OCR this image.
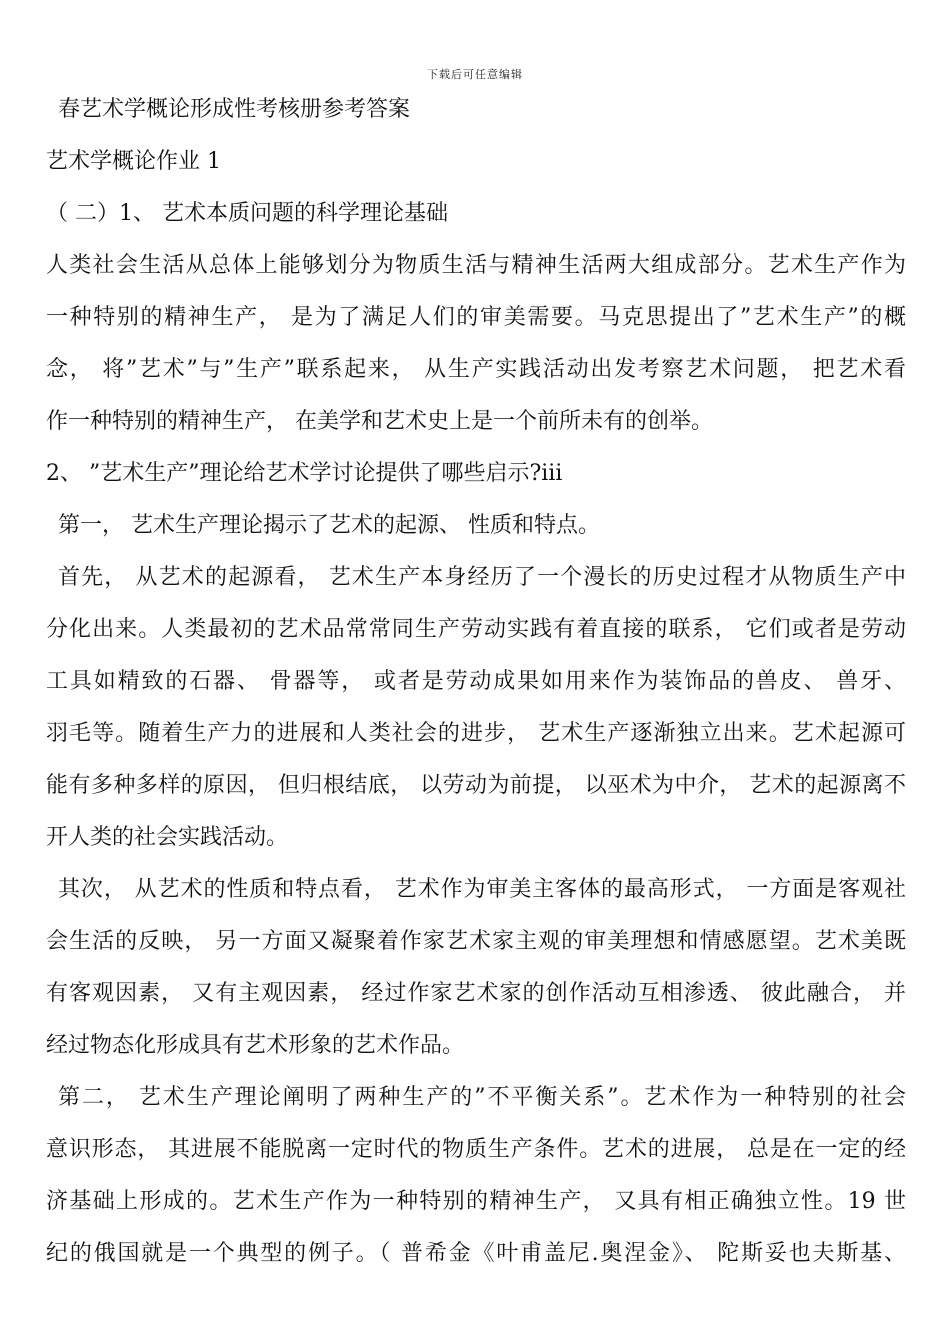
下载后可任意编辑
春艺术学概论形成性考核册参考答案
艺术学概论作业 1
（ 二）1、 艺术本质问题的科学理论基础
人类社会生活从总体上能够划分为物质生活与精神生活两大组成部分。艺术生产作为
一种特别的精神生产， 是为了满足人们的审美需要。马克思提出了”艺术生产”的概
念， 将”艺术”与”生产”联系起来， 从生产实践活动出发考察艺术问题， 把艺术看
作一种特别的精神生产， 在美学和艺术史上是一个前所未有的创举。
2、 ”艺术生产”理论给艺术学讨论提供了哪些启示?ⅲ
第一， 艺术生产理论揭示了艺术的起源、 性质和特点。
首先， 从艺术的起源看， 艺术生产本身经历了一个漫长的历史过程才从物质生产中
分化出来。人类最初的艺术品常常同生产劳动实践有着直接的联系， 它们或者是劳动
工具如精致的石器、 骨器等， 或者是劳动成果如用来作为装饰品的兽皮、 兽牙、
羽毛等。随着生产力的进展和人类社会的进步， 艺术生产逐渐独立出来。艺术起源可
能有多种多样的原因， 但归根结底， 以劳动为前提， 以巫术为中介， 艺术的起源离不
开人类的社会实践活动。
其次， 从艺术的性质和特点看， 艺术作为审美主客体的最高形式， 一方面是客观社
会生活的反映， 另一方面又凝聚着作家艺术家主观的审美理想和情感愿望。艺术美既
有客观因素， 又有主观因素， 经过作家艺术家的创作活动互相渗透、 彼此融合， 并
经过物态化形成具有艺术形象的艺术作品。
第二， 艺术生产理论阐明了两种生产的”不平衡关系”。艺术作为一种特别的社会
意识形态， 其进展不能脱离一定时代的物质生产条件。艺术的进展， 总是在一定的经
济基础上形成的。艺术生产作为一种特别的精神生产， 又具有相正确独立性。19 世
纪的俄国就是一个典型的例子。（ 普希金《叶甫盖尼.奥涅金》、 陀斯妥也夫斯基、
